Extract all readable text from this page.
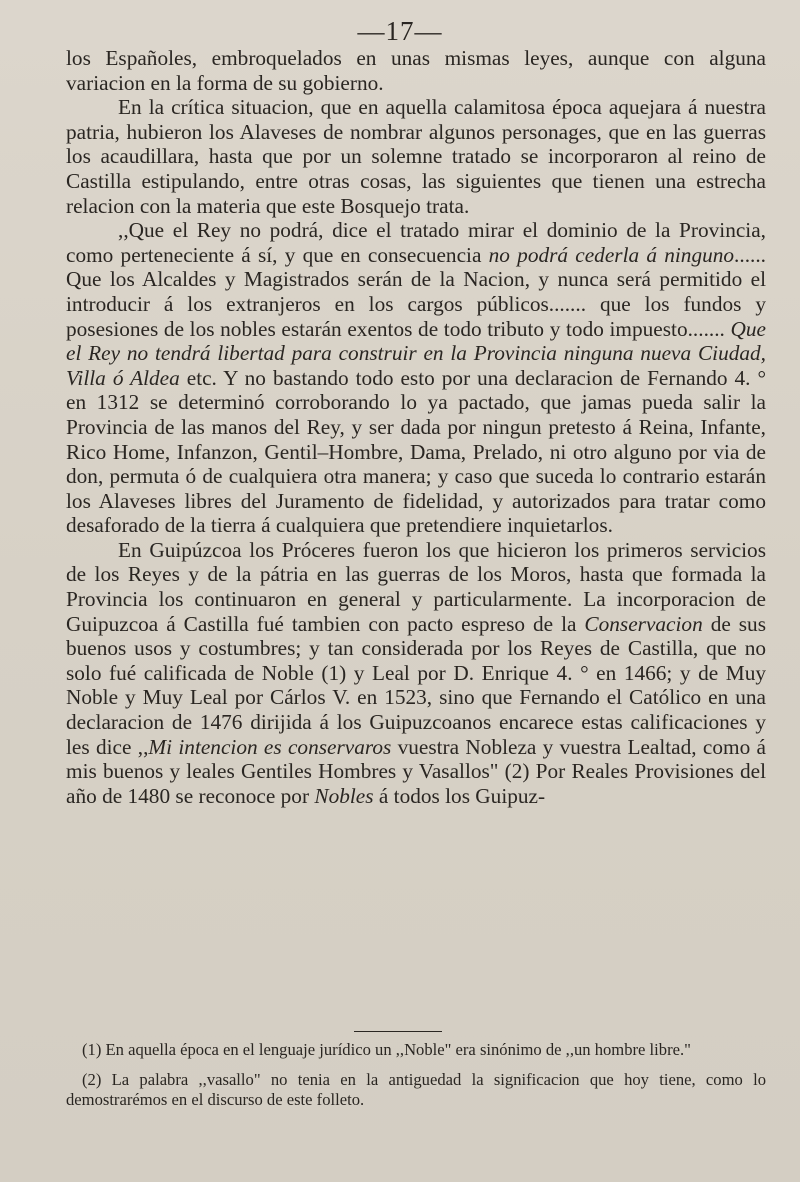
—17—

los Españoles, embroquelados en unas mismas leyes, aunque con alguna variacion en la forma de su gobierno.

En la crítica situacion, que en aquella calamitosa época aquejara á nuestra patria, hubieron los Alaveses de nombrar algunos personages, que en las guerras los acaudillara, hasta que por un solemne tratado se incorporaron al reino de Castilla estipulando, entre otras cosas, las siguientes que tienen una estrecha relacion con la materia que este Bosquejo trata.

,,Que el Rey no podrá, dice el tratado mirar el dominio de la Provincia, como perteneciente á sí, y que en consecuencia no podrá cederla á ninguno...... Que los Alcaldes y Magistrados serán de la Nacion, y nunca será permitido el introducir á los extranjeros en los cargos públicos....... que los fundos y posesiones de los nobles estarán exentos de todo tributo y todo impuesto....... Que el Rey no tendrá libertad para construir en la Provincia ninguna nueva Ciudad, Villa ó Aldea etc. Y no bastando todo esto por una declaracion de Fernando 4. ° en 1312 se determinó corroborando lo ya pactado, que jamas pueda salir la Provincia de las manos del Rey, y ser dada por ningun pretesto á Reina, Infante, Rico Home, Infanzon, Gentil–Hombre, Dama, Prelado, ni otro alguno por via de don, permuta ó de cualquiera otra manera; y caso que suceda lo contrario estarán los Alaveses libres del Juramento de fidelidad, y autorizados para tratar como desaforado de la tierra á cualquiera que pretendiere inquietarlos.

En Guipúzcoa los Próceres fueron los que hicieron los primeros servicios de los Reyes y de la pátria en las guerras de los Moros, hasta que formada la Provincia los continuaron en general y particularmente. La incorporacion de Guipuzcoa á Castilla fué tambien con pacto espreso de la Conservacion de sus buenos usos y costumbres; y tan considerada por los Reyes de Castilla, que no solo fué calificada de Noble (1) y Leal por D. Enrique 4. ° en 1466; y de Muy Noble y Muy Leal por Cárlos V. en 1523, sino que Fernando el Católico en una declaracion de 1476 dirijida á los Guipuzcoanos encarece estas calificaciones y les dice ,,Mi intencion es conservaros vuestra Nobleza y vuestra Lealtad, como á mis buenos y leales Gentiles Hombres y Vasallos" (2) Por Reales Provisiones del año de 1480 se reconoce por Nobles á todos los Guipuz-

(1) En aquella época en el lenguaje jurídico un ,,Noble" era sinónimo de ,,un hombre libre."

(2) La palabra ,,vasallo" no tenia en la antiguedad la significacion que hoy tiene, como lo demostrarémos en el discurso de este folleto.
